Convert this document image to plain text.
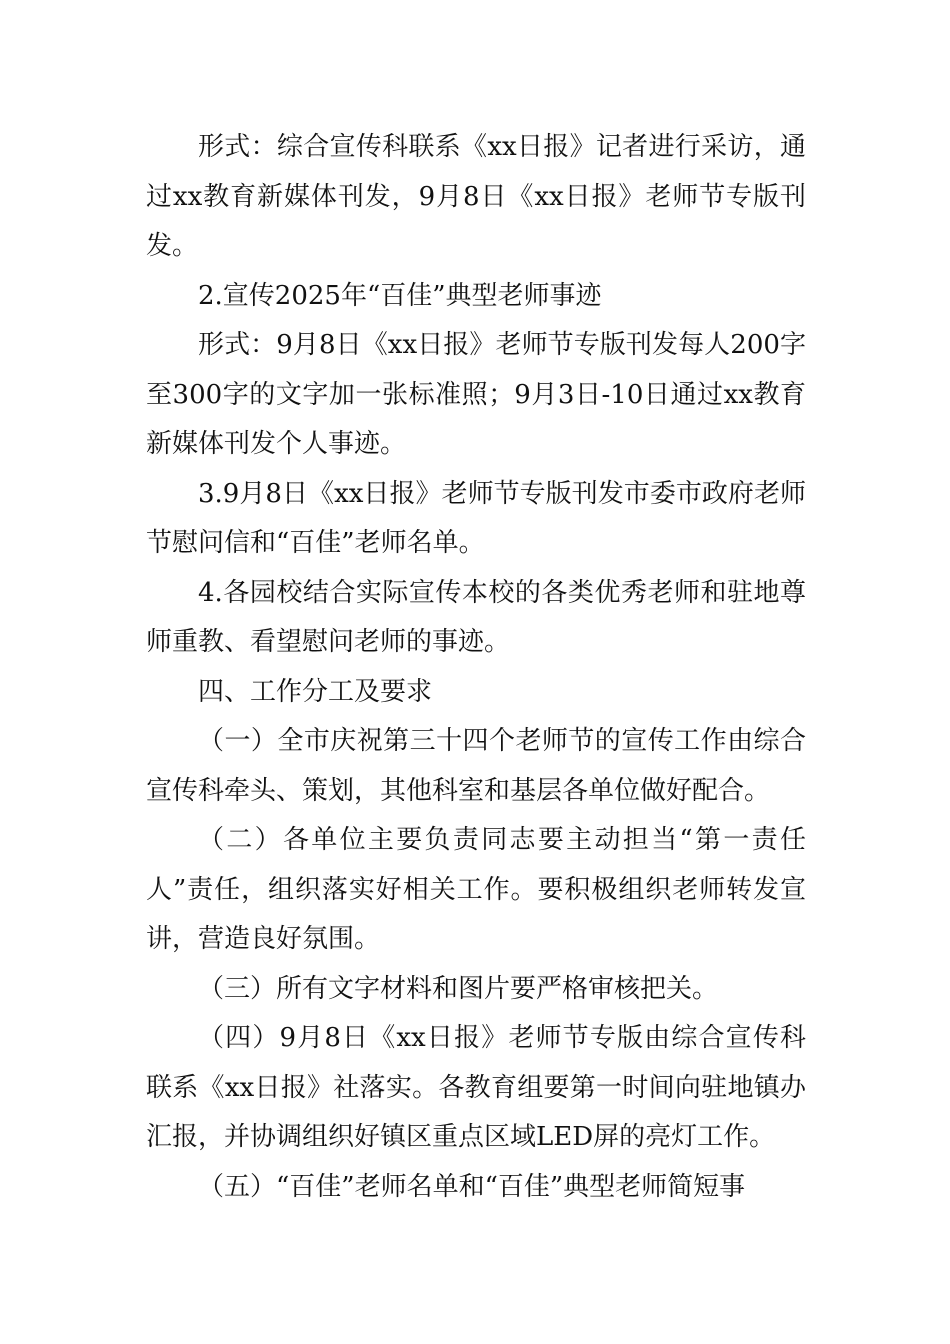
形式：综合宣传科联系《xx日报》记者进行采访，通过xx教育新媒体刊发，9月8日《xx日报》老师节专版刊发。

2.宣传2025年“百佳”典型老师事迹

形式：9月8日《xx日报》老师节专版刊发每人200字至300字的文字加一张标准照；9月3日-10日通过xx教育新媒体刊发个人事迹。

3.9月8日《xx日报》老师节专版刊发市委市政府老师节慰问信和“百佳”老师名单。

4.各园校结合实际宣传本校的各类优秀老师和驻地尊师重教、看望慰问老师的事迹。

四、工作分工及要求

（一）全市庆祝第三十四个老师节的宣传工作由综合宣传科牵头、策划，其他科室和基层各单位做好配合。

（二）各单位主要负责同志要主动担当“第一责任人”责任，组织落实好相关工作。要积极组织老师转发宣讲，营造良好氛围。

（三）所有文字材料和图片要严格审核把关。

（四）9月8日《xx日报》老师节专版由综合宣传科联系《xx日报》社落实。各教育组要第一时间向驻地镇办汇报，并协调组织好镇区重点区域LED屏的亮灯工作。

（五）“百佳”老师名单和“百佳”典型老师简短事
